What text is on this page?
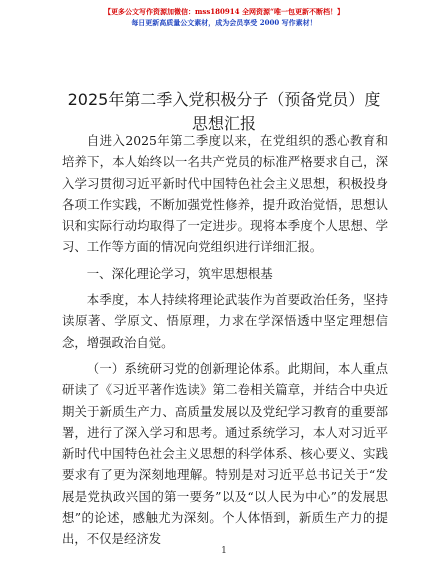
【更多公文写作资源加微信：mss180914 全网资源“唯一包更新不断档！】
每日更新高质量公文素材，成为会员享受 2000 写作素材！
2025年第二季入党积极分子（预备党员）度思想汇报

自进入2025年第二季度以来，在党组织的悉心教育和培养下，本人始终以一名共产党员的标准严格要求自己，深入学习贯彻习近平新时代中国特色社会主义思想，积极投身各项工作实践，不断加强党性修养，提升政治觉悟，思想认识和实际行动均取得了一定进步。现将本季度个人思想、学习、工作等方面的情况向党组织进行详细汇报。

一、深化理论学习，筑牢思想根基

本季度，本人持续将理论武装作为首要政治任务，坚持读原著、学原文、悟原理，力求在学深悟透中坚定理想信念，增强政治自觉。

（一）系统研习党的创新理论体系。此期间，本人重点研读了《习近平著作选读》第二卷相关篇章，并结合中央近期关于新质生产力、高质量发展以及党纪学习教育的重要部署，进行了深入学习和思考。通过系统学习，本人对习近平新时代中国特色社会主义思想的科学体系、核心要义、实践要求有了更为深刻地理解。特别是对习近平总书记关于“发展是党执政兴国的第一要务”以及“以人民为中心”的发展思想”的论述，感触尤为深刻。个人体悟到，新质生产力的提出，不仅是经济发

1
